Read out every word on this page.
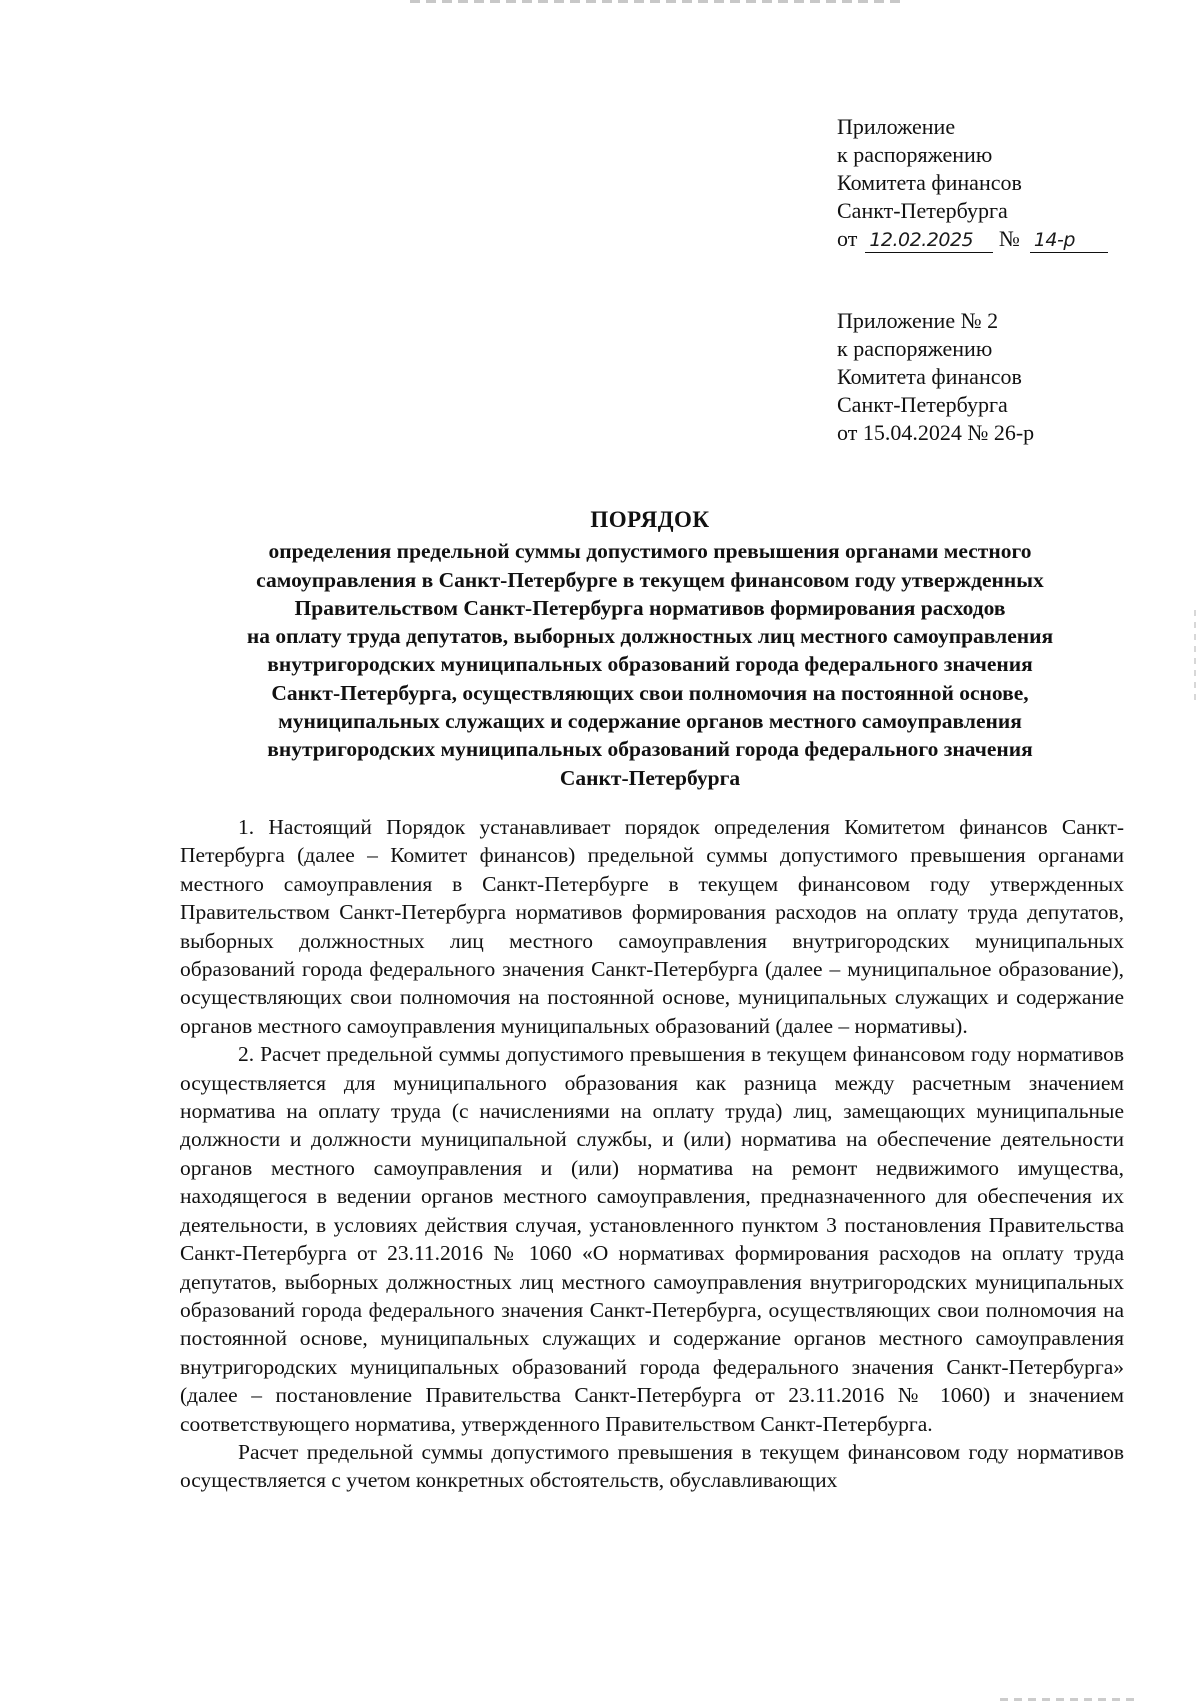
Приложение
к распоряжению
Комитета финансов
Санкт-Петербурга
от 12.02.2025 № 14-р
Приложение № 2
к распоряжению
Комитета финансов
Санкт-Петербурга
от 15.04.2024 № 26-р
ПОРЯДОК
определения предельной суммы допустимого превышения органами местного
самоуправления в Санкт-Петербурге в текущем финансовом году утвержденных
Правительством Санкт-Петербурга нормативов формирования расходов
на оплату труда депутатов, выборных должностных лиц местного самоуправления
внутригородских муниципальных образований города федерального значения
Санкт-Петербурга, осуществляющих свои полномочия на постоянной основе,
муниципальных служащих и содержание органов местного самоуправления
внутригородских муниципальных образований города федерального значения
Санкт-Петербурга

1. Настоящий Порядок устанавливает порядок определения Комитетом финансов Санкт-Петербурга (далее – Комитет финансов) предельной суммы допустимого превышения органами местного самоуправления в Санкт-Петербурге в текущем финансовом году утвержденных Правительством Санкт-Петербурга нормативов формирования расходов на оплату труда депутатов, выборных должностных лиц местного самоуправления внутригородских муниципальных образований города федерального значения Санкт-Петербурга (далее – муниципальное образование), осуществляющих свои полномочия на постоянной основе, муниципальных служащих и содержание органов местного самоуправления муниципальных образований (далее – нормативы).

2. Расчет предельной суммы допустимого превышения в текущем финансовом году нормативов осуществляется для муниципального образования как разница между расчетным значением норматива на оплату труда (с начислениями на оплату труда) лиц, замещающих муниципальные должности и должности муниципальной службы, и (или) норматива на обеспечение деятельности органов местного самоуправления и (или) норматива на ремонт недвижимого имущества, находящегося в ведении органов местного самоуправления, предназначенного для обеспечения их деятельности, в условиях действия случая, установленного пунктом 3 постановления Правительства Санкт-Петербурга от 23.11.2016 № 1060 «О нормативах формирования расходов на оплату труда депутатов, выборных должностных лиц местного самоуправления внутригородских муниципальных образований города федерального значения Санкт-Петербурга, осуществляющих свои полномочия на постоянной основе, муниципальных служащих и содержание органов местного самоуправления внутригородских муниципальных образований города федерального значения Санкт-Петербурга» (далее – постановление Правительства Санкт-Петербурга от 23.11.2016 № 1060) и значением соответствующего норматива, утвержденного Правительством Санкт-Петербурга.

Расчет предельной суммы допустимого превышения в текущем финансовом году нормативов осуществляется с учетом конкретных обстоятельств, обуславливающих
